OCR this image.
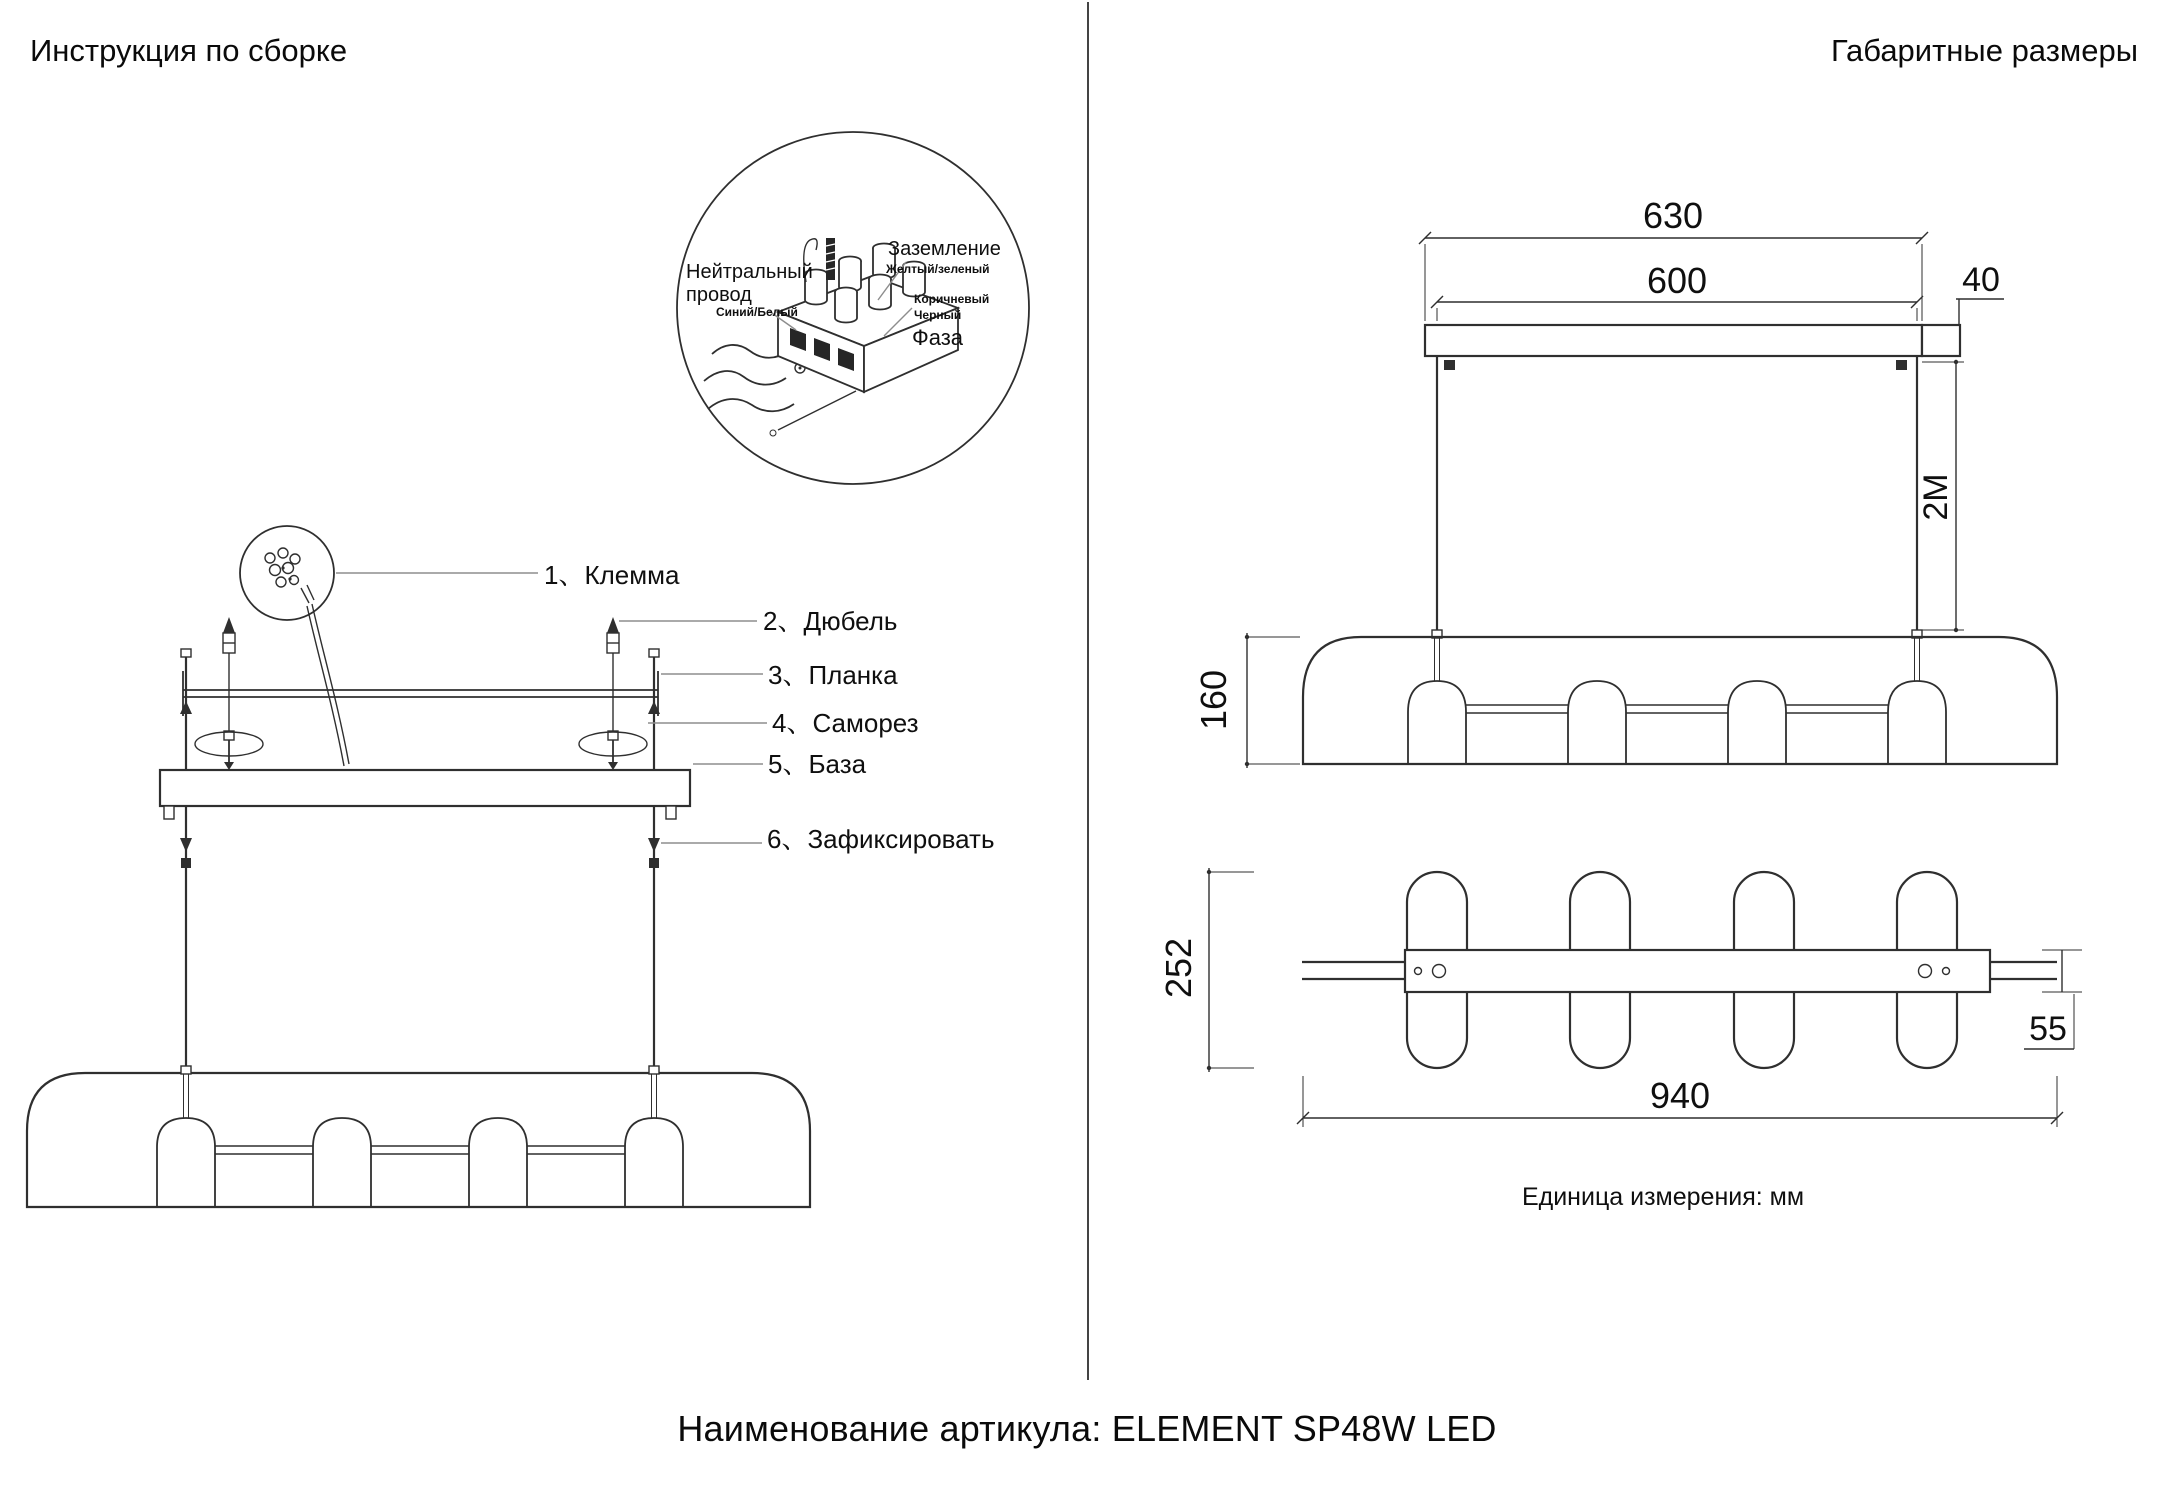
Инструкция по сборке	Габаритные размеры
Нейтральный
провод
Синий/Белый
Заземление
Желтый/зеленый
Коричневый
Черный
Фаза
1、Клемма
2、Дюбель
3、Планка
4、Саморез
5、База
6、Зафиксировать
630
600	40
2M
160
252
55
940
Единица измерения: мм
Наименование артикула: ELEMENT SP48W LED
